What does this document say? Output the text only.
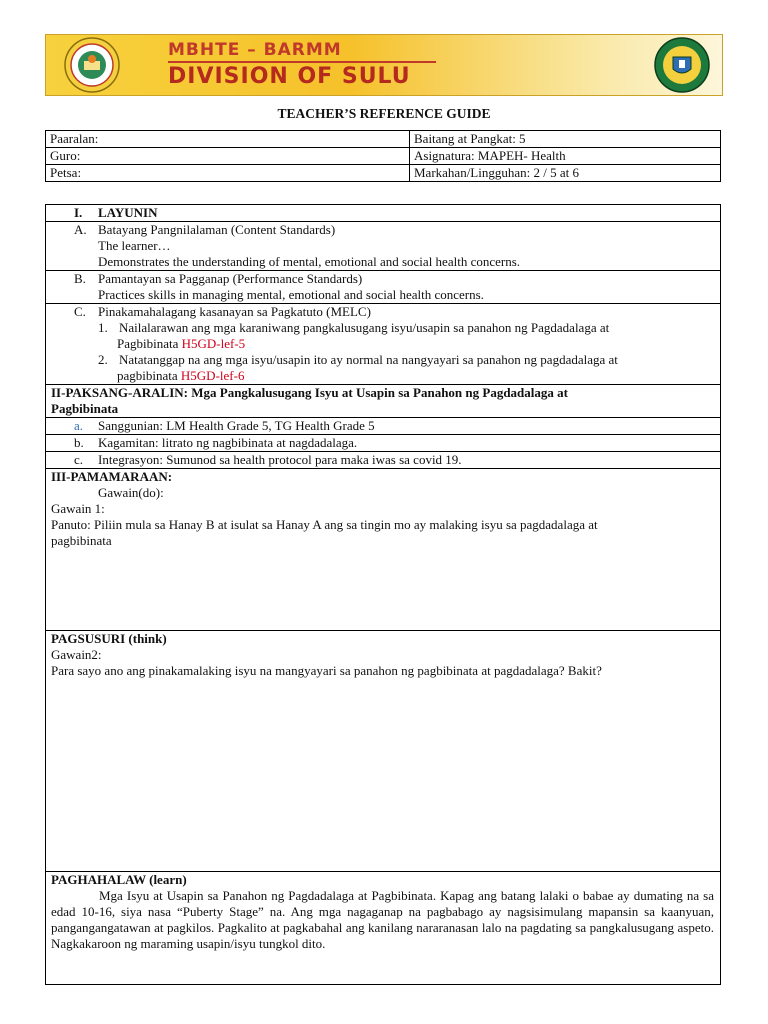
MBHTE – BARMM
DIVISION OF SULU
TEACHER’S REFERENCE GUIDE
Paaralan:	Baitang at Pangkat: 5
Guro:	Asignatura: MAPEH- Health
Petsa:	Markahan/Lingguhan: 2 / 5 at 6
I. LAYUNIN

A. Batayang Pangnilalaman (Content Standards)
The learner…
Demonstrates the understanding of mental, emotional and social health concerns.

B. Pamantayan sa Pagganap (Performance Standards)
Practices skills in managing mental, emotional and social health concerns.

C. Pinakamahalagang kasanayan sa Pagkatuto (MELC)
1. Nailalarawan ang mga karaniwang pangkalusugang isyu/usapin sa panahon ng Pagdadalaga at
Pagbibinata H5GD-lef-5
2. Natatanggap na ang mga isyu/usapin ito ay normal na nangyayari sa panahon ng pagdadalaga at
pagbibinata H5GD-lef-6

II-PAKSANG-ARALIN: Mga Pangkalusugang Isyu at Usapin sa Panahon ng Pagdadalaga at
Pagbibinata

a. Sanggunian: LM Health Grade 5, TG Health Grade 5

b. Kagamitan: litrato ng nagbibinata at nagdadalaga.

c. Integrasyon: Sumunod sa health protocol para maka iwas sa covid 19.

III-PAMAMARAAN:
Gawain(do):
Gawain 1:
Panuto: Piliin mula sa Hanay B at isulat sa Hanay A ang sa tingin mo ay malaking isyu sa pagdadalaga at
pagbibinata

PAGSUSURI (think)
Gawain2:
Para sayo ano ang pinakamalaking isyu na mangyayari sa panahon ng pagbibinata at pagdadalaga? Bakit?

PAGHAHALAW (learn)
Mga Isyu at Usapin sa Panahon ng Pagdadalaga at Pagbibinata. Kapag ang batang lalaki o babae ay dumating na sa edad 10-16, siya nasa “Puberty Stage” na. Ang mga nagaganap na pagbabago ay nagsisimulang mapansin sa kaanyuan, pangangangatawan at pagkilos. Pagkalito at pagkabahal ang kanilang nararanasan lalo na pagdating sa pangkalusugang aspeto. Nagkakaroon ng maraming usapin/isyu tungkol dito.
